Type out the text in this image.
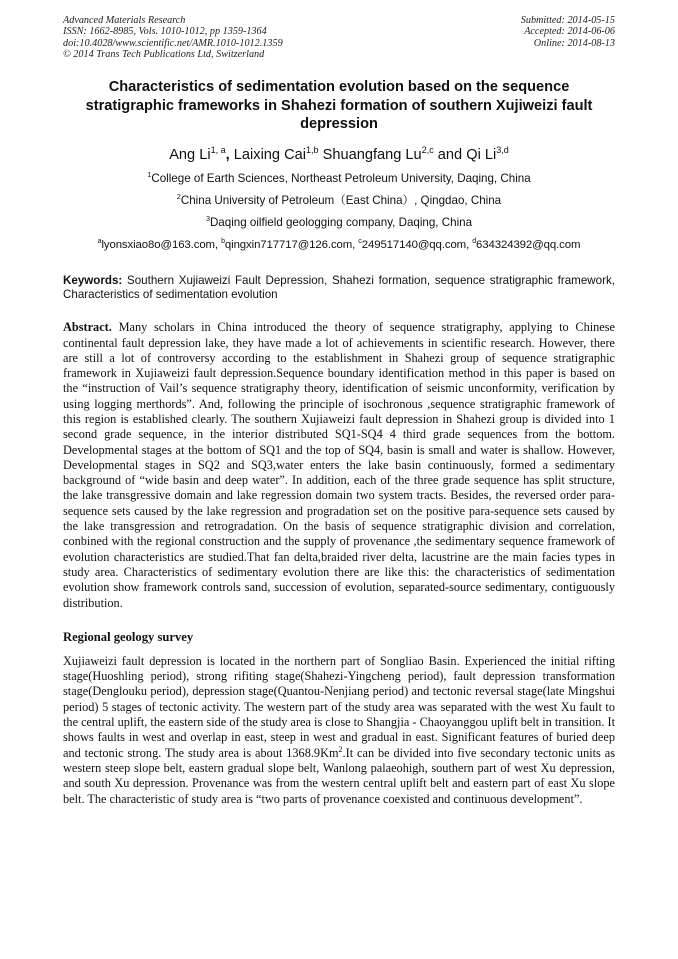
Advanced Materials Research
ISSN: 1662-8985, Vols. 1010-1012, pp 1359-1364
doi:10.4028/www.scientific.net/AMR.1010-1012.1359
© 2014 Trans Tech Publications Ltd, Switzerland
Submitted: 2014-05-15
Accepted: 2014-06-06
Online: 2014-08-13
Characteristics of sedimentation evolution based on the sequence stratigraphic frameworks in Shahezi formation of southern Xujiweizi fault depression
Ang Li$^{1, a}$, Laixing Cai$^{1,b}$ Shuangfang Lu$^{2,c}$ and Qi Li$^{3,d}$
$^1$College of Earth Sciences, Northeast Petroleum University, Daqing, China
$^2$China University of Petroleum（East China）, Qingdao, China
$^3$Daqing oilfield geologging company, Daqing, China
$^a$lyonsxiao8o@163.com, $^b$qingxin717717@126.com, $^c$249517140@qq.com, $^d$634324392@qq.com
Keywords: Southern Xujiaweizi Fault Depression, Shahezi formation, sequence stratigraphic framework, Characteristics of sedimentation evolution
Abstract. Many scholars in China introduced the theory of sequence stratigraphy, applying to Chinese continental fault depression lake, they have made a lot of achievements in scientific research. However, there are still a lot of controversy according to the establishment in Shahezi group of sequence stratigraphic framework in Xujiaweizi fault depression.Sequence boundary identification method in this paper is based on the “instruction of Vail’s sequence stratigraphy theory, identification of seismic unconformity, verification by using logging merthords”. And, following the principle of isochronous ,sequence stratigraphic framework of this region is established clearly. The southern Xujiaweizi fault depression in Shahezi group is divided into 1 second grade sequence, in the interior distributed SQ1-SQ4 4 third grade sequences from the bottom. Developmental stages at the bottom of SQ1 and the top of SQ4, basin is small and water is shallow. However, Developmental stages in SQ2 and SQ3,water enters the lake basin continuously, formed a sedimentary background of “wide basin and deep water”. In addition, each of the three grade sequence has split structure, the lake transgressive domain and lake regression domain two system tracts. Besides, the reversed order para-sequence sets caused by the lake regression and progradation set on the positive para-sequence sets caused by the lake transgression and retrogradation. On the basis of sequence stratigraphic division and correlation, conbined with the regional construction and the supply of provenance ,the sedimentary sequence framework of evolution characteristics are studied.That fan delta,braided river delta, lacustrine are the main facies types in study area. Characteristics of sedimentary evolution there are like this: the characteristics of sedimentation evolution show framework controls sand, succession of evolution, separated-source sedimentary, contiguously distribution.
Regional geology survey
Xujiaweizi fault depression is located in the northern part of Songliao Basin. Experienced the initial rifting stage(Huoshling period), strong rifiting stage(Shahezi-Yingcheng period), fault depression transformation stage(Denglouku period), depression stage(Quantou-Nenjiang period) and tectonic reversal stage(late Mingshui period) 5 stages of tectonic activity. The western part of the study area was separated with the west Xu fault to the central uplift, the eastern side of the study area is close to Shangjia - Chaoyanggou uplift belt in transition. It shows faults in west and overlap in east, steep in west and gradual in east. Significant features of buried deep and tectonic strong. The study area is about 1368.9Km$^2$.It can be divided into five secondary tectonic units as western steep slope belt, eastern gradual slope belt, Wanlong palaeohigh, southern part of west Xu depression, and south Xu depression. Provenance was from the western central uplift belt and eastern part of east Xu slope belt. The characteristic of study area is “two parts of provenance coexisted and continuous development”.
